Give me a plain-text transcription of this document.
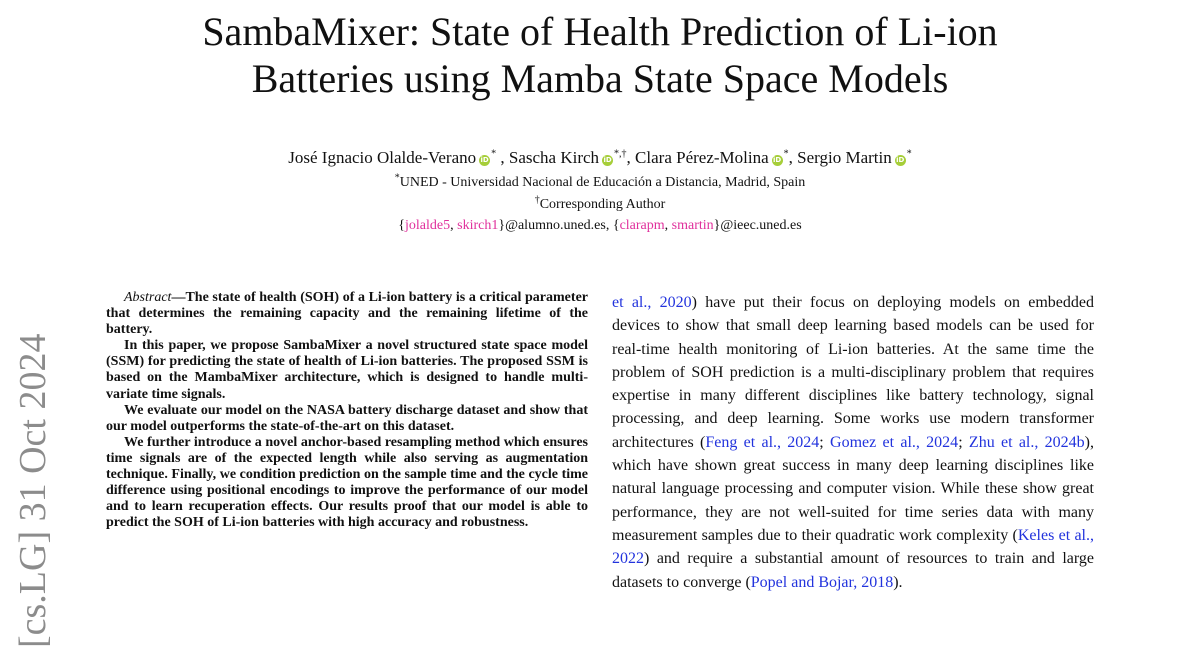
SambaMixer: State of Health Prediction of Li-ion
Batteries using Mamba State Space Models
José Ignacio Olalde-Verano iD* , Sascha Kirch iD*,†, Clara Pérez-Molina iD*, Sergio Martin iD*
*UNED - Universidad Nacional de Educación a Distancia, Madrid, Spain
†Corresponding Author
{jolalde5, skirch1}@alumno.uned.es, {clarapm, smartin}@ieec.uned.es
[cs.LG] 31 Oct 2024

Abstract—The state of health (SOH) of a Li-ion battery is a critical parameter that determines the remaining capacity and the remaining lifetime of the battery.

In this paper, we propose SambaMixer a novel structured state space model (SSM) for predicting the state of health of Li-ion batteries. The proposed SSM is based on the MambaMixer architecture, which is designed to handle multi-variate time signals.

We evaluate our model on the NASA battery discharge dataset and show that our model outperforms the state-of-the-art on this dataset.

We further introduce a novel anchor-based resampling method which ensures time signals are of the expected length while also serving as augmentation technique. Finally, we condition prediction on the sample time and the cycle time difference using positional encodings to improve the performance of our model and to learn recuperation effects. Our results proof that our model is able to predict the SOH of Li-ion batteries with high accuracy and robustness.

et al., 2020) have put their focus on deploying models on embedded devices to show that small deep learning based models can be used for real-time health monitoring of Li-ion batteries. At the same time the problem of SOH prediction is a multi-disciplinary problem that requires expertise in many different disciplines like battery technology, signal processing, and deep learning. Some works use modern transformer architectures (Feng et al., 2024; Gomez et al., 2024; Zhu et al., 2024b), which have shown great success in many deep learning disciplines like natural language processing and computer vision. While these show great performance, they are not well-suited for time series data with many measurement samples due to their quadratic work complexity (Keles et al., 2022) and require a substantial amount of resources to train and large datasets to converge (Popel and Bojar, 2018).
